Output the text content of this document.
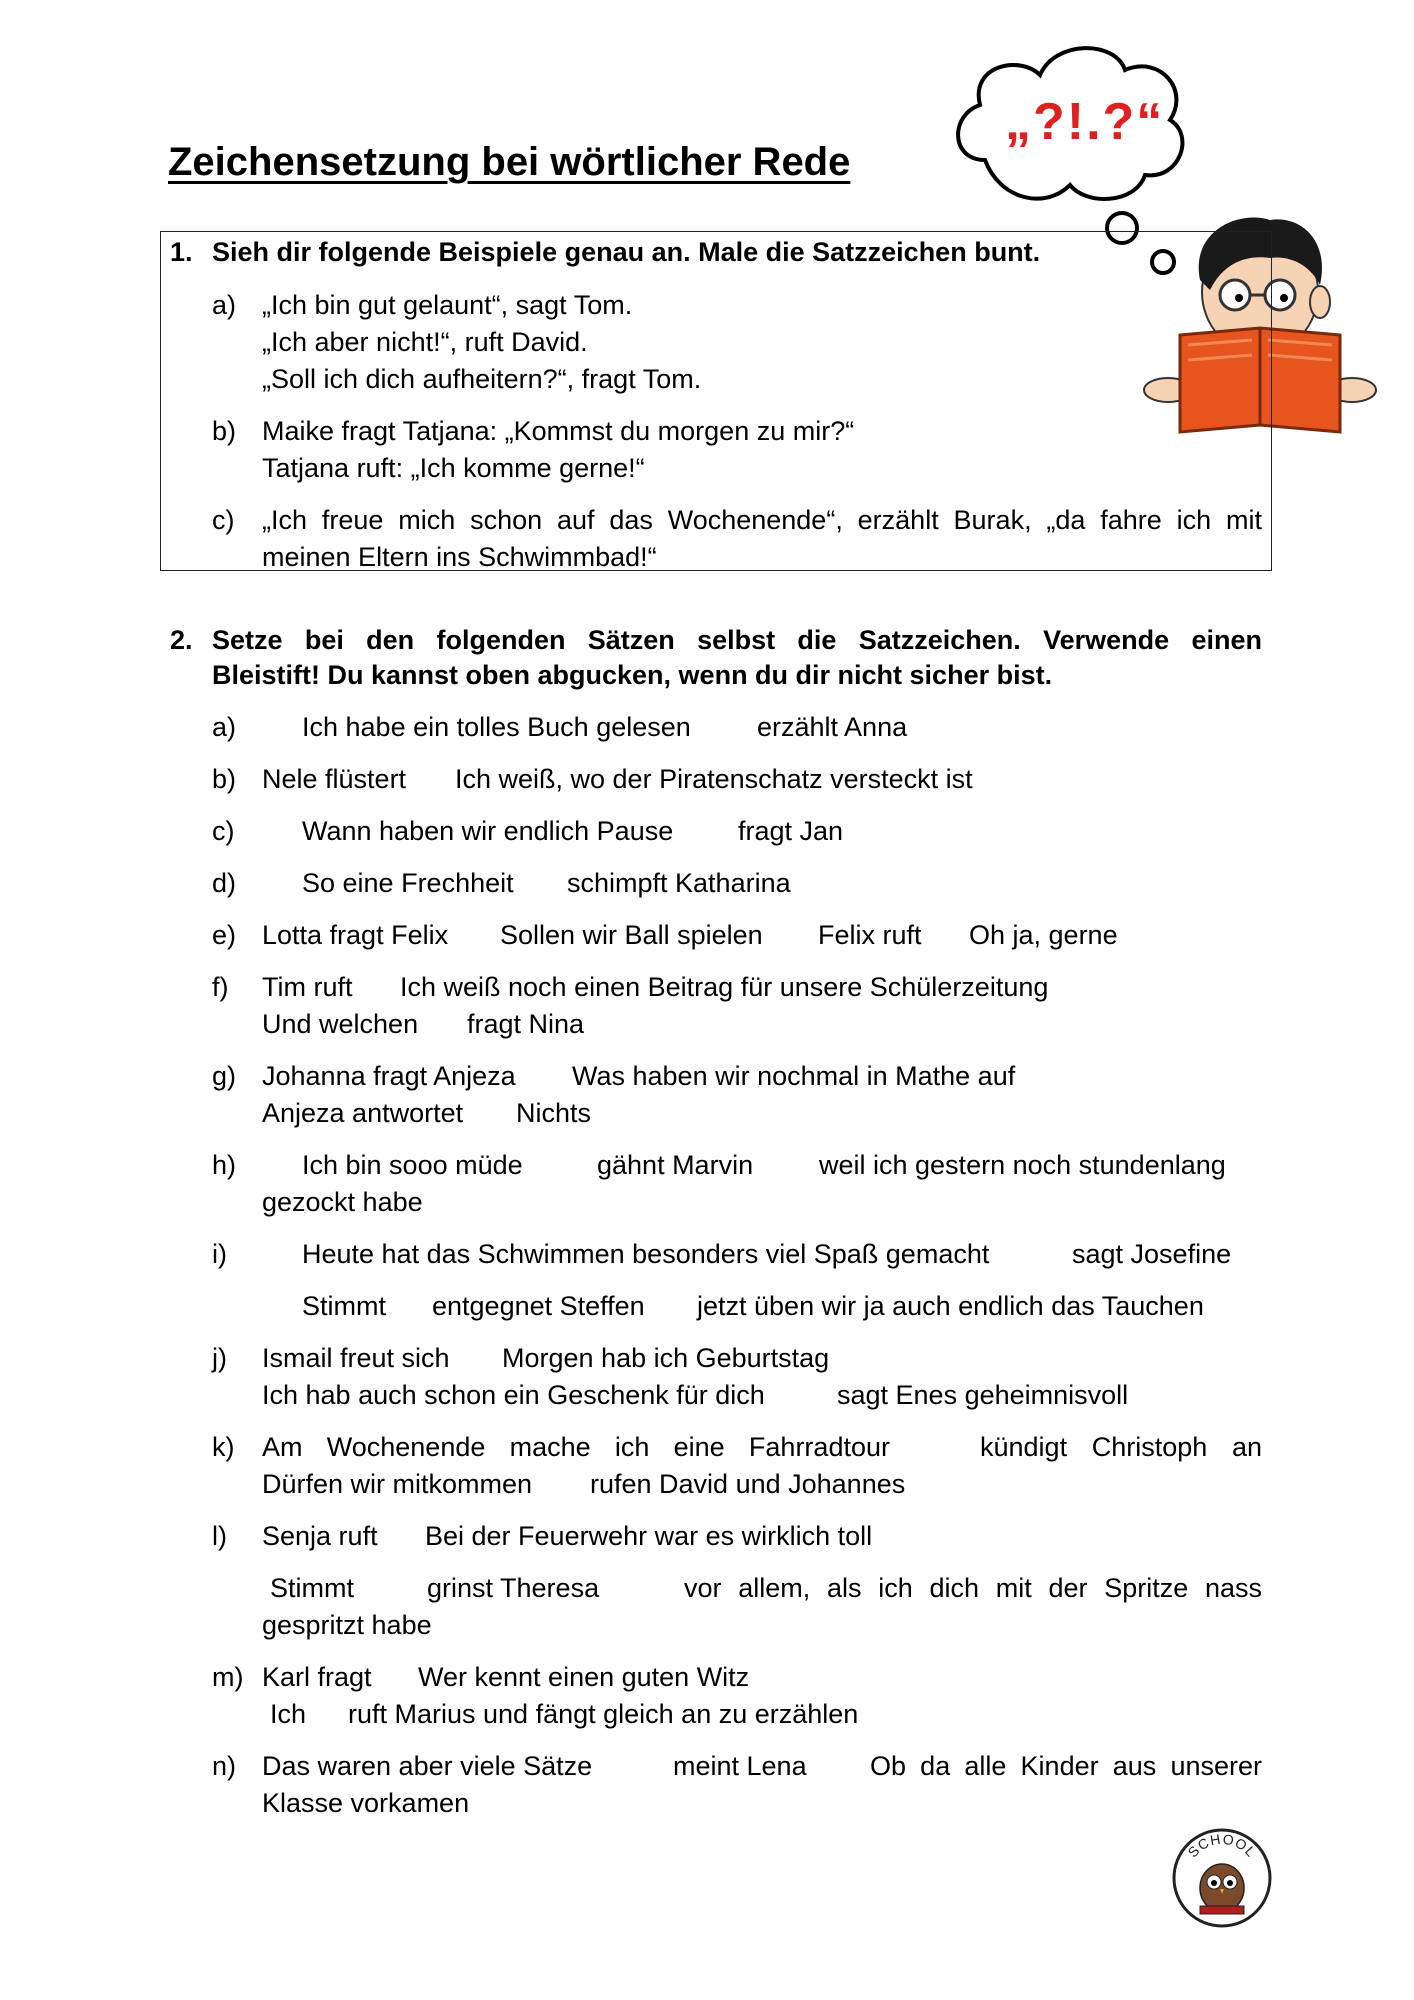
Zeichensetzung bei wörtlicher Rede
„?!.?“
1. Sieh dir folgende Beispiele genau an. Male die Satzzeichen bunt.
a) „Ich bin gut gelaunt“, sagt Tom.
„Ich aber nicht!“, ruft David.
„Soll ich dich aufheitern?“, fragt Tom.
b) Maike fragt Tatjana: „Kommst du morgen zu mir?“
Tatjana ruft: „Ich komme gerne!“
c) „Ich freue mich schon auf das Wochenende“, erzählt Burak, „da fahre ich mit
meinen Eltern ins Schwimmbad!“
2. Setze bei den folgenden Sätzen selbst die Satzzeichen. Verwende einen
Bleistift! Du kannst oben abgucken, wenn du dir nicht sicher bist.
a) Ich habe ein tolles Buch gelesen erzählt Anna
b) Nele flüstert Ich weiß, wo der Piratenschatz versteckt ist
c)	Wann haben wir endlich Pause fragt Jan
d) So eine Frechheit schimpft Katharina
e) Lotta fragt Felix Sollen wir Ball spielen Felix ruft Oh ja, gerne
f) Tim ruft Ich weiß noch einen Beitrag für unsere Schülerzeitung
Und welchen fragt Nina
g) Johanna fragt Anjeza Was haben wir nochmal in Mathe auf
Anjeza antwortet Nichts
h) Ich bin sooo müde	gähnt Marvin weil ich gestern noch stundenlang
gezockt habe
i)	Heute hat das Schwimmen besonders viel Spaß gemacht	sagt Josefine
Stimmt entgegnet Steffen jetzt üben wir ja auch endlich das Tauchen
j) Ismail freut sich Morgen hab ich Geburtstag
Ich hab auch schon ein Geschenk für dich	sagt Enes geheimnisvoll
k) Am Wochenende mache ich eine Fahrradtour	kündigt Christoph an
Dürfen wir mitkommen rufen David und Johannes
l) Senja ruft Bei der Feuerwehr war es wirklich toll
Stimmt	grinst Theresa	vor allem, als ich dich mit der Spritze nass
gespritzt habe
m) Karl fragt Wer kennt einen guten Witz
Ich ruft Marius und fängt gleich an zu erzählen
n) Das waren aber viele Sätze	meint Lena Ob da alle Kinder aus unserer
Klasse vorkamen
SCHOOL
